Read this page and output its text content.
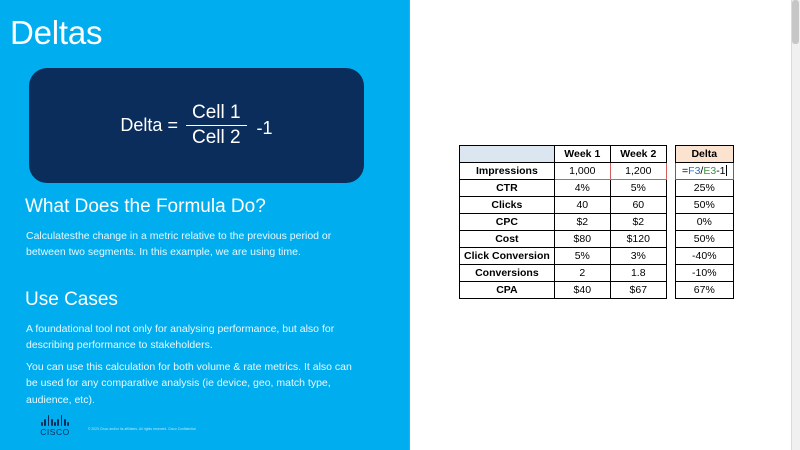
Deltas
Delta = $\frac{\text{Cell 1}}{\text{Cell 2}} -1$
What Does the Formula Do?
Calculatesthe change in a metric relative to the previous period or between two segments. In this example, we are using time.
Use Cases
A foundational tool not only for analysing performance, but also for describing performance to stakeholders.
You can use this calculation for both volume & rate metrics. It also can be used for any comparative analysis (ie device, geo, match type, audience, etc).
CISCO	© 2023 Cisco and/or its affiliates. All rights reserved. Cisco Confidential
	Week 1	Week 2		Delta
Impressions	1,000	1,200		=F3/E3-1
CTR	4%	5%		25%
Clicks	40	60		50%
CPC	$2	$2		0%
Cost	$80	$120		50%
Click Conversion	5%	3%		-40%
Conversions	2	1.8		-10%
CPA	$40	$67		67%
